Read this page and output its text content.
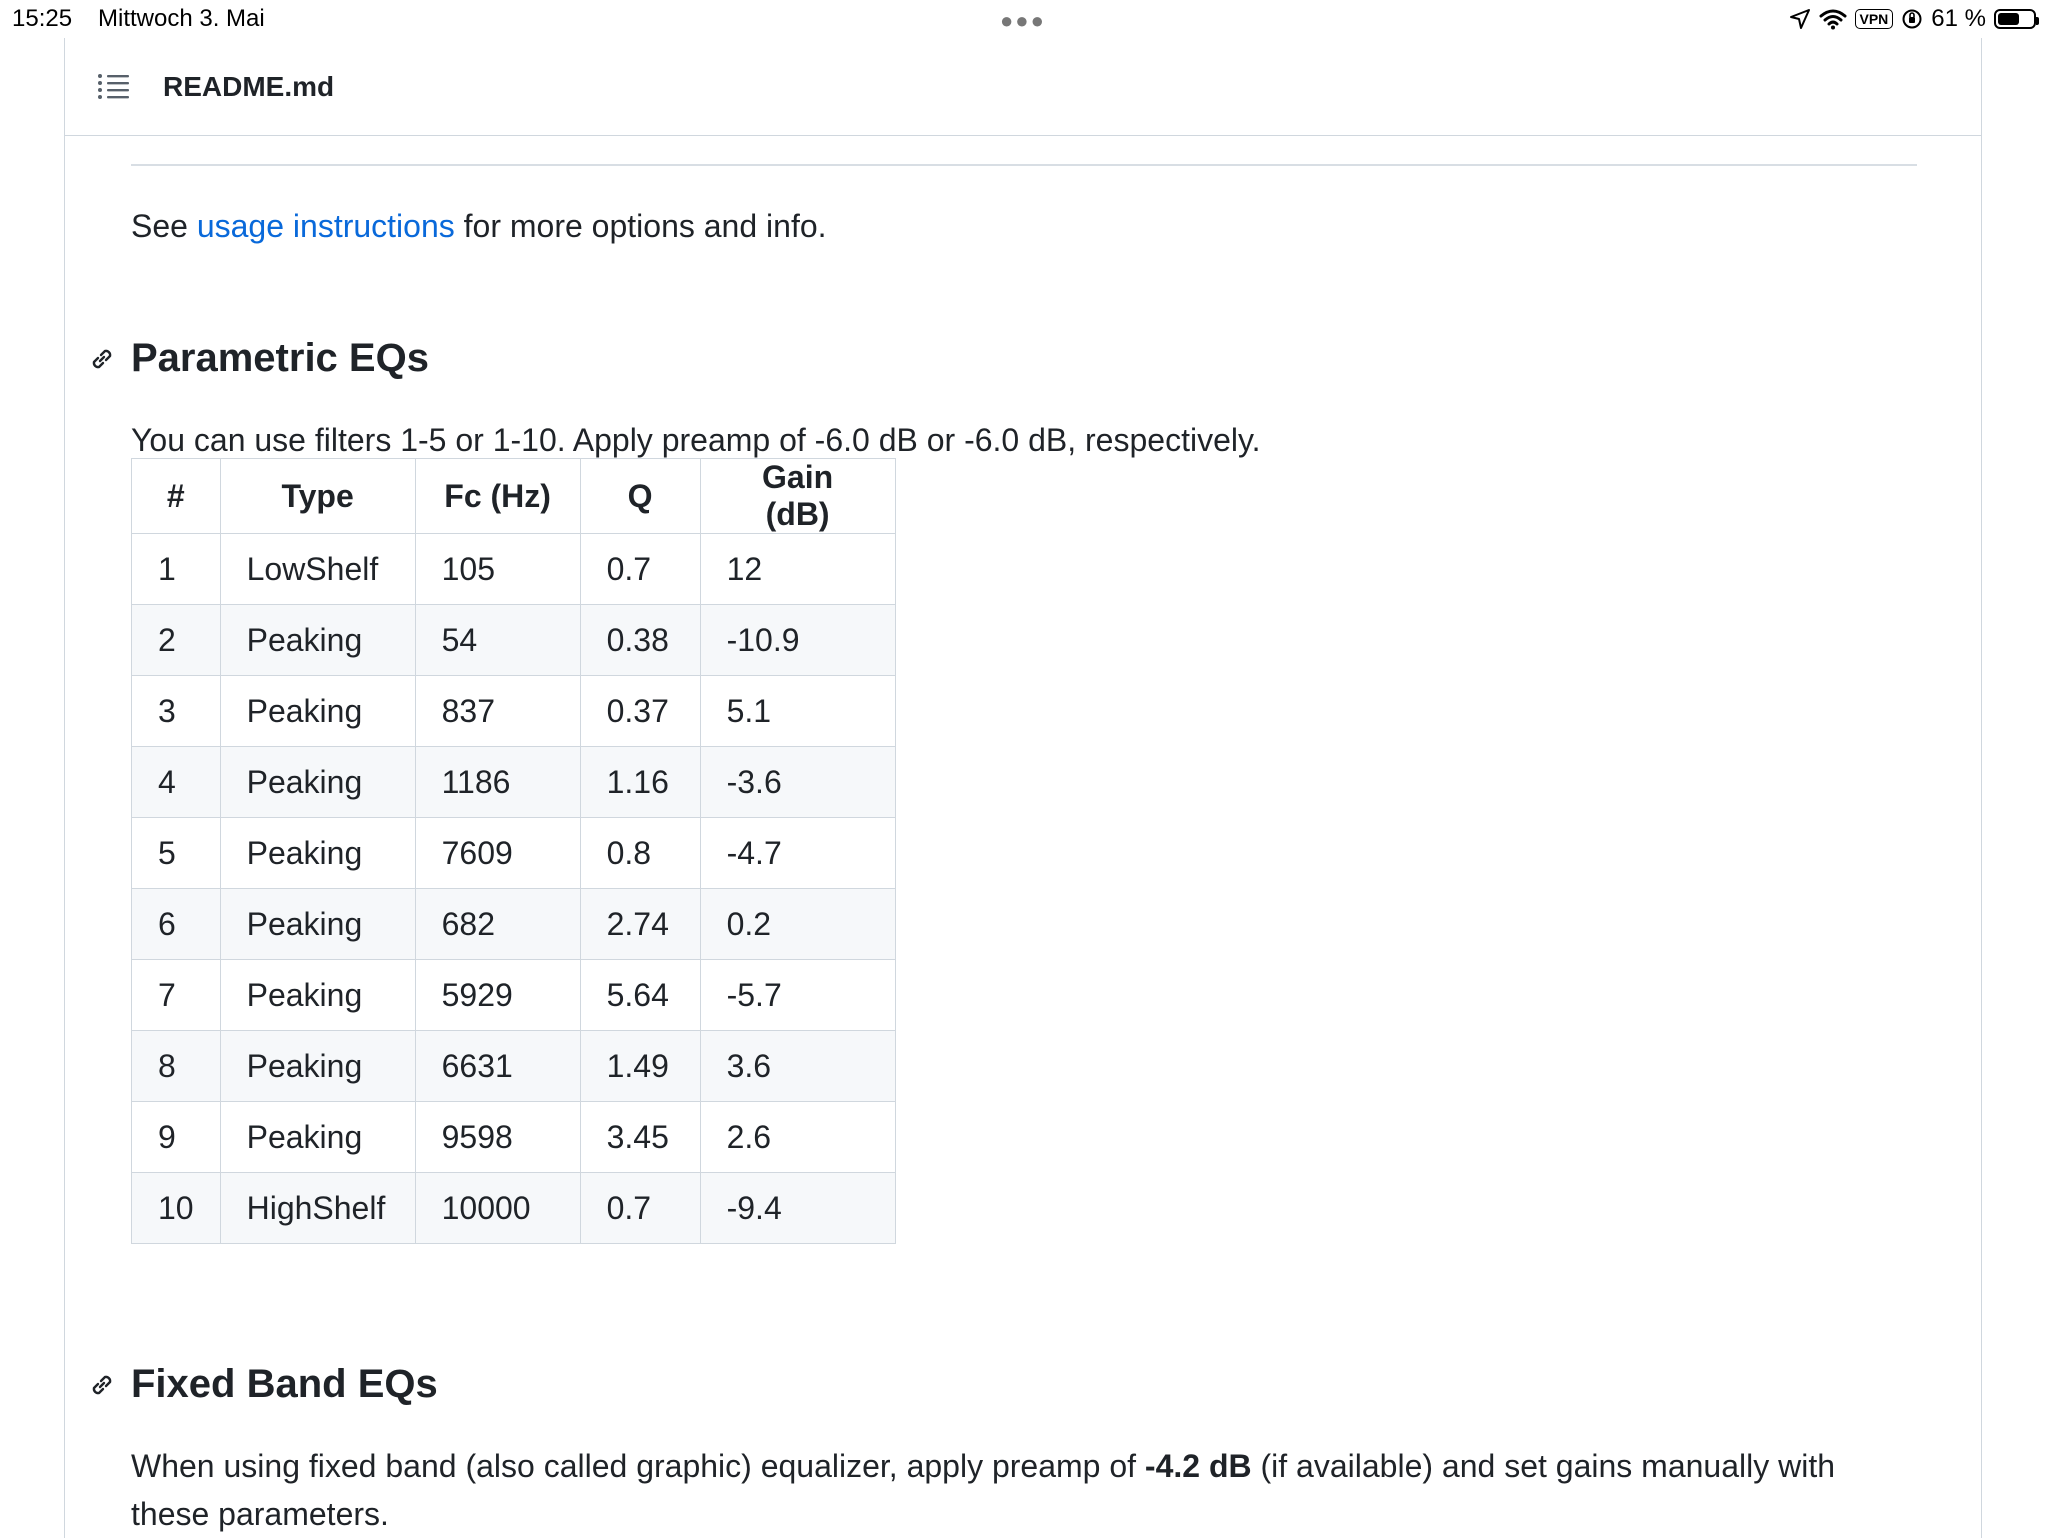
15:25 Mittwoch 3. Mai	●●●	VPN 61 %
README.md

See usage instructions for more options and info.

Parametric EQs

You can use filters 1-5 or 1-10. Apply preamp of -6.0 dB or -6.0 dB, respectively.

#	Type	Fc (Hz)	Q	Gain (dB)
1	LowShelf	105	0.7	12
2	Peaking	54	0.38	-10.9
3	Peaking	837	0.37	5.1
4	Peaking	1186	1.16	-3.6
5	Peaking	7609	0.8	-4.7
6	Peaking	682	2.74	0.2
7	Peaking	5929	5.64	-5.7
8	Peaking	6631	1.49	3.6
9	Peaking	9598	3.45	2.6
10	HighShelf	10000	0.7	-9.4
Fixed Band EQs

When using fixed band (also called graphic) equalizer, apply preamp of -4.2 dB (if available) and set gains manually with these parameters.
